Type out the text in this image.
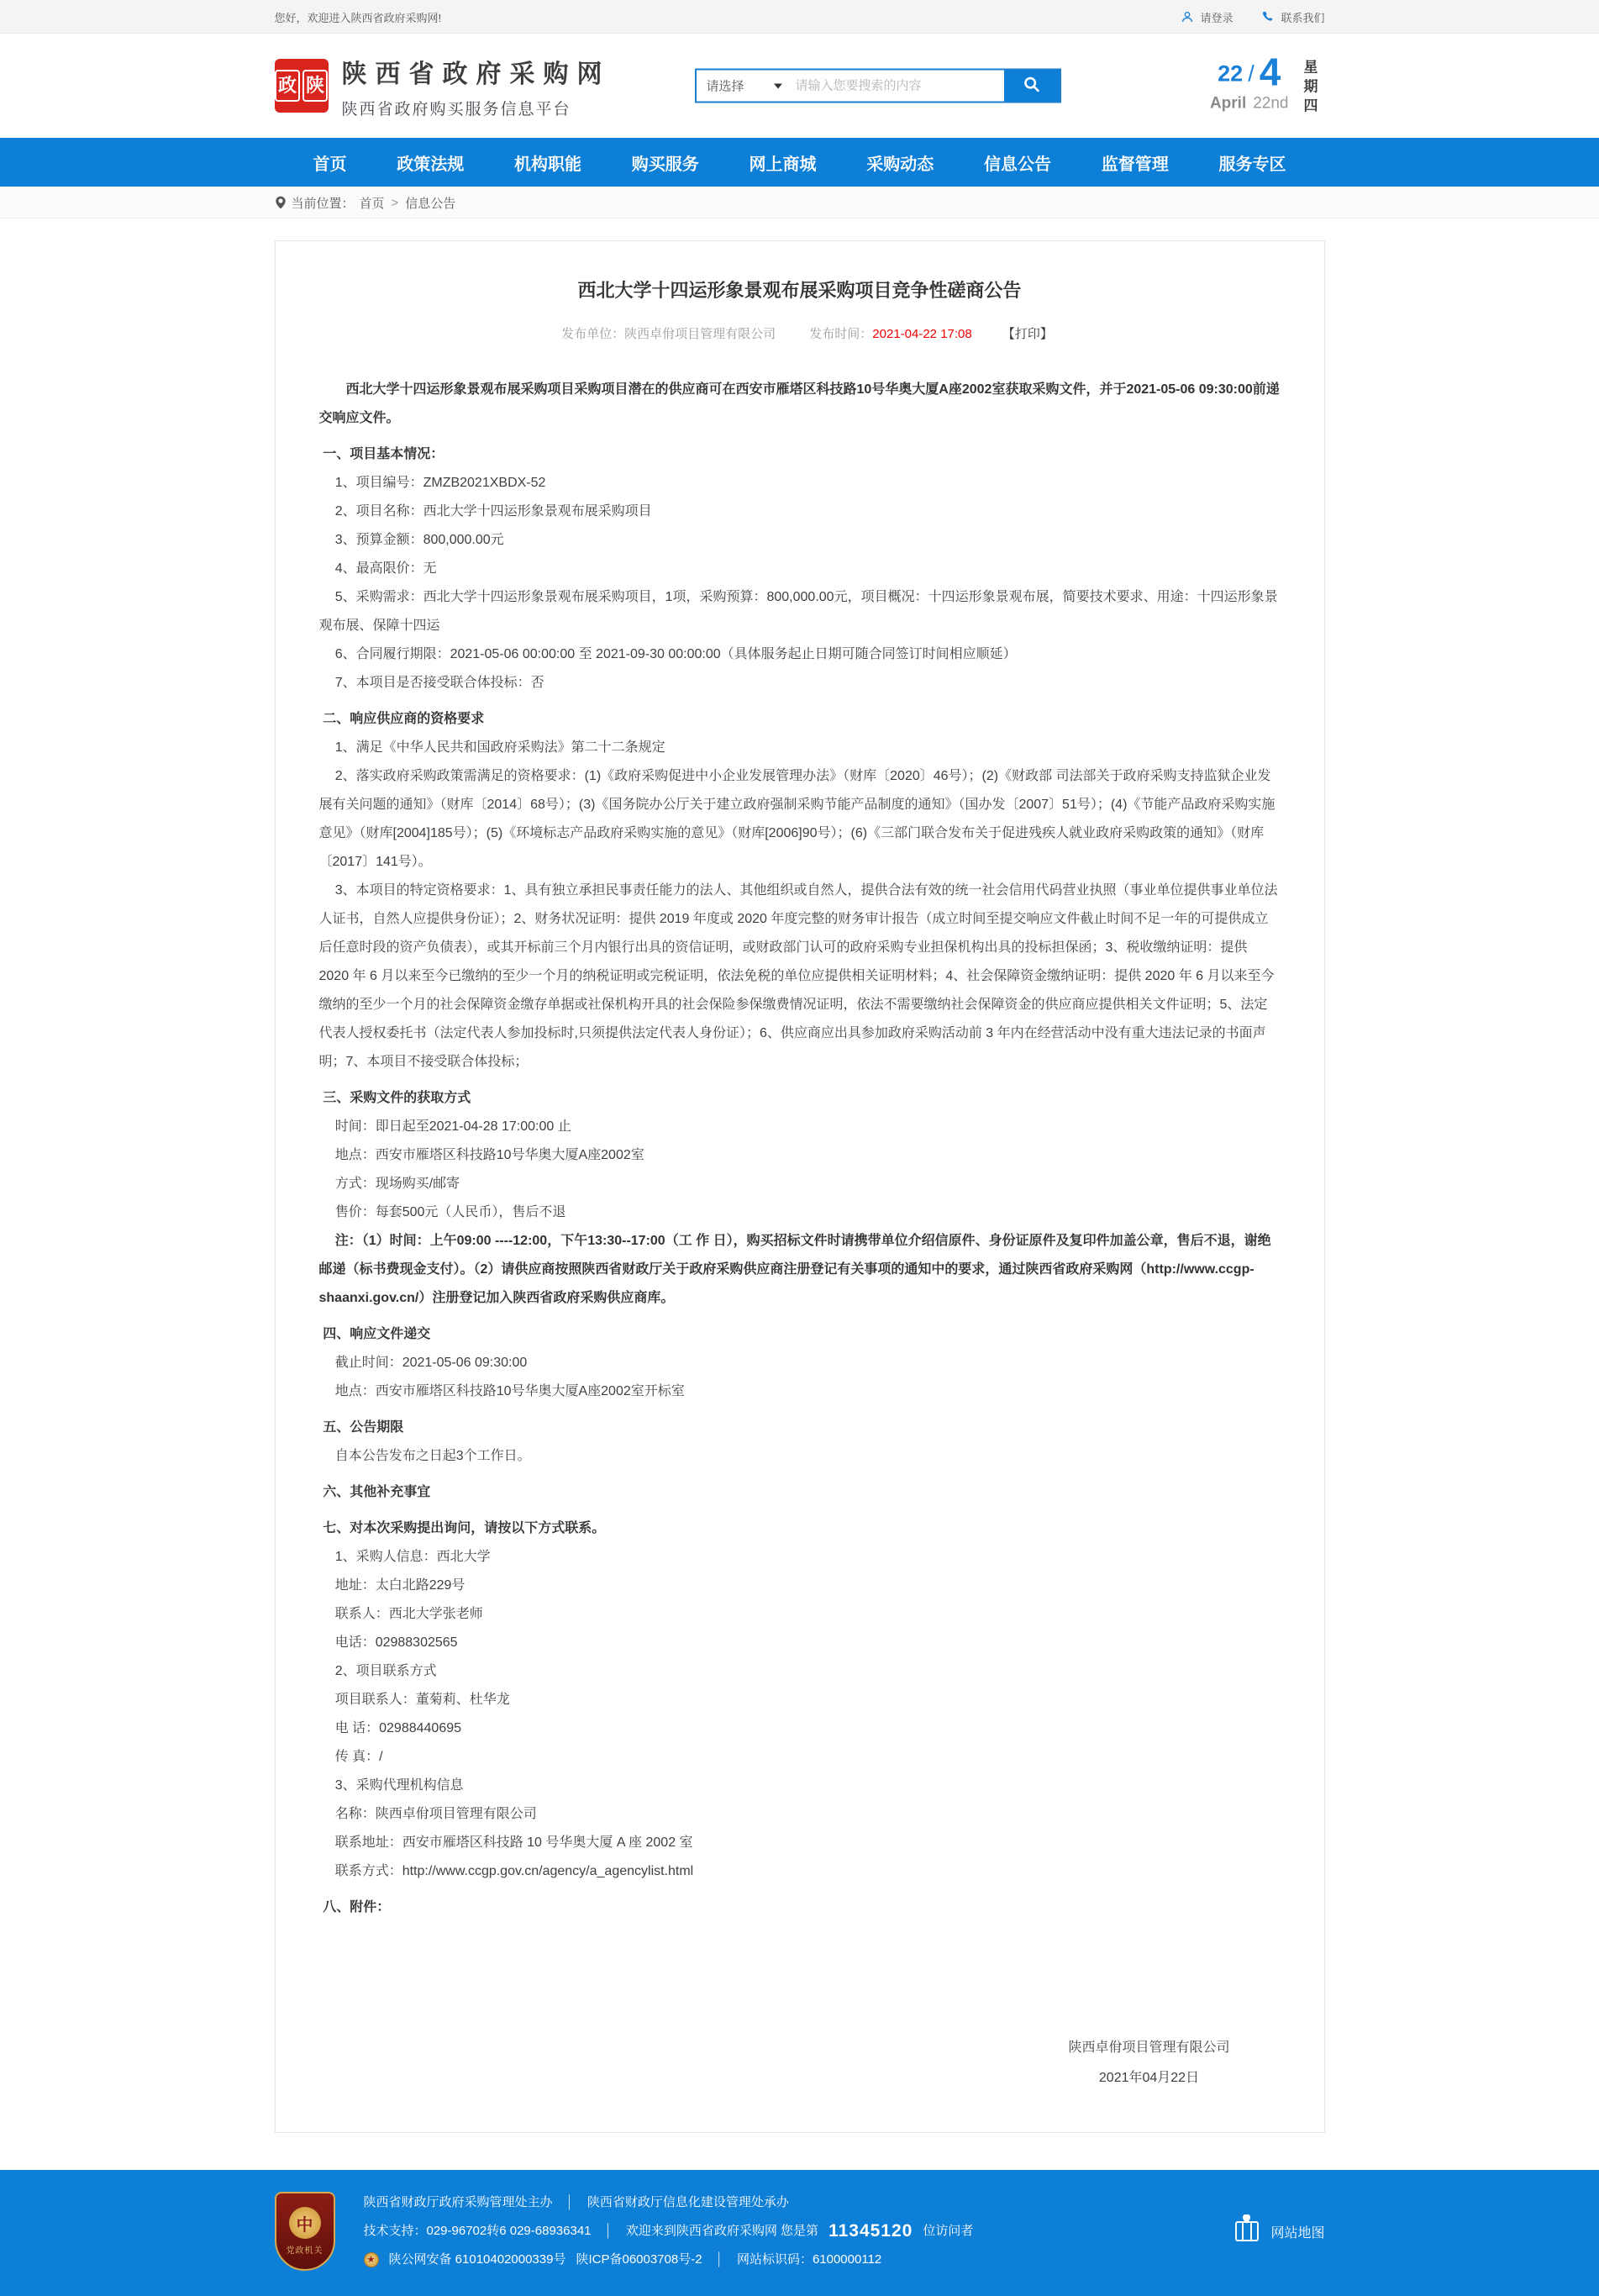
您好，欢迎进入陕西省政府采购网!	请登录	联系我们
政 陕 陕西省政府采购网
陕西省政府购买服务信息平台
请选择
请输入您要搜索的内容
22 / 4
April 22nd
星
期
四
首页	政策法规	机构职能	购买服务	网上商城	采购动态	信息公告	监督管理	服务专区
当前位置： 首页 > 信息公告
西北大学十四运形象景观布展采购项目竞争性磋商公告
发布单位：陕西卓佾项目管理有限公司	发布时间：2021-04-22 17:08 【打印】

西北大学十四运形象景观布展采购项目采购项目潜在的供应商可在西安市雁塔区科技路10号华奥大厦A座2002室获取采购文件，并于2021-05-06 09:30:00前递交响应文件。

一、项目基本情况：

1、项目编号：ZMZB2021XBDX-52

2、项目名称：西北大学十四运形象景观布展采购项目

3、预算金额：800,000.00元

4、最高限价：无

5、采购需求：西北大学十四运形象景观布展采购项目，1项，采购预算：800,000.00元，项目概况：十四运形象景观布展，简要技术要求、用途：十四运形象景观布展、保障十四运

6、合同履行期限：2021-05-06 00:00:00 至 2021-09-30 00:00:00（具体服务起止日期可随合同签订时间相应顺延）

7、本项目是否接受联合体投标：否

二、响应供应商的资格要求

1、满足《中华人民共和国政府采购法》第二十二条规定

2、落实政府采购政策需满足的资格要求：(1)《政府采购促进中小企业发展管理办法》（财库〔2020〕46号）；(2)《财政部 司法部关于政府采购支持监狱企业发展有关问题的通知》（财库〔2014〕68号）；(3)《国务院办公厅关于建立政府强制采购节能产品制度的通知》（国办发〔2007〕51号）；(4)《节能产品政府采购实施意见》（财库[2004]185号）；(5)《环境标志产品政府采购实施的意见》（财库[2006]90号）；(6)《三部门联合发布关于促进残疾人就业政府采购政策的通知》（财库〔2017〕141号）。

3、本项目的特定资格要求：1、具有独立承担民事责任能力的法人、其他组织或自然人，提供合法有效的统一社会信用代码营业执照（事业单位提供事业单位法人证书，自然人应提供身份证）；2、财务状况证明：提供 2019 年度或 2020 年度完整的财务审计报告（成立时间至提交响应文件截止时间不足一年的可提供成立后任意时段的资产负债表），或其开标前三个月内银行出具的资信证明，或财政部门认可的政府采购专业担保机构出具的投标担保函；3、税收缴纳证明：提供 2020 年 6 月以来至今已缴纳的至少一个月的纳税证明或完税证明，依法免税的单位应提供相关证明材料；4、社会保障资金缴纳证明：提供 2020 年 6 月以来至今缴纳的至少一个月的社会保障资金缴存单据或社保机构开具的社会保险参保缴费情况证明，依法不需要缴纳社会保障资金的供应商应提供相关文件证明；5、法定代表人授权委托书（法定代表人参加投标时,只须提供法定代表人身份证）；6、供应商应出具参加政府采购活动前 3 年内在经营活动中没有重大违法记录的书面声明；7、本项目不接受联合体投标；

三、采购文件的获取方式

时间：即日起至2021-04-28 17:00:00 止

地点：西安市雁塔区科技路10号华奥大厦A座2002室

方式：现场购买/邮寄

售价：每套500元（人民币），售后不退

注：（1）时间：上午09:00 ----12:00，下午13:30--17:00（工 作 日），购买招标文件时请携带单位介绍信原件、身份证原件及复印件加盖公章，售后不退，谢绝邮递（标书费现金支付）。（2）请供应商按照陕西省财政厅关于政府采购供应商注册登记有关事项的通知中的要求，通过陕西省政府采购网（http://www.ccgp-shaanxi.gov.cn/）注册登记加入陕西省政府采购供应商库。

四、响应文件递交

截止时间：2021-05-06 09:30:00

地点：西安市雁塔区科技路10号华奥大厦A座2002室开标室

五、公告期限

自本公告发布之日起3个工作日。

六、其他补充事宜

七、对本次采购提出询问，请按以下方式联系。

1、采购人信息：西北大学

地址：太白北路229号

联系人：西北大学张老师

电话：02988302565

2、项目联系方式

项目联系人：董菊莉、杜华龙

电 话：02988440695

传 真：/

3、采购代理机构信息

名称：陕西卓佾项目管理有限公司

联系地址：西安市雁塔区科技路 10 号华奥大厦 A 座 2002 室

联系方式：http://www.ccgp.gov.cn/agency/a_agencylist.html

八、附件：

陕西卓佾项目管理有限公司
2021年04月22日
中
党政机关
陕西省财政厅政府采购管理处主办 │ 陕西省财政厅信息化建设管理处承办
技术支持：029-96702转6 029-68936341 │ 欢迎来到陕西省政府采购网 您是第 11345120 位访问者
★ 陕公网安备 61010402000339号 陕ICP备06003708号-2 │ 网站标识码：6100000112
网站地图
